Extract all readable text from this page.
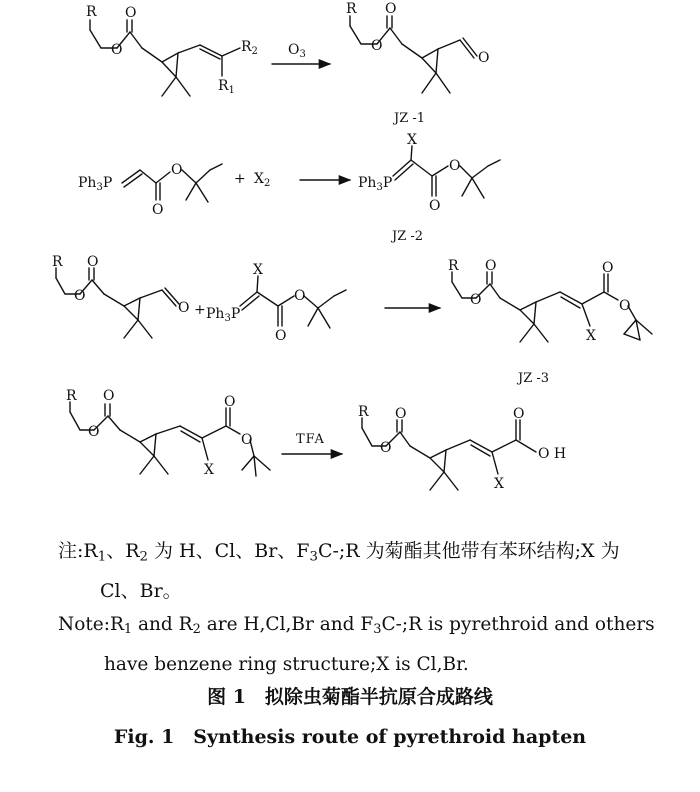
R O
O	$R_2$
$R_1$
$O_3$
R O
O
O
JZ -1
$Ph_3P$
O
O
+ $X_2$	$Ph_3P$
X
O
O
JZ -2
R O
O
$O + Ph_3P$
X
O
O
R O
O
X
O
O
JZ -3
R O
O
X
O
O	TFA
R O
O
X
O
O H
注$:R_1$、$R_2$ 为 H、Cl、Br、$F_3C-;R$ 为菊酯其他带有苯环结构;X 为
Cl、Br。
$Note:R_1$ and $R_2$ are H,Cl,Br and $F_3C-;R$ is pyrethroid and others
have benzene ring structure;X is Cl,Br.
图 1　拟除虫菊酯半抗原合成路线
Fig. 1　Synthesis route of pyrethroid hapten
